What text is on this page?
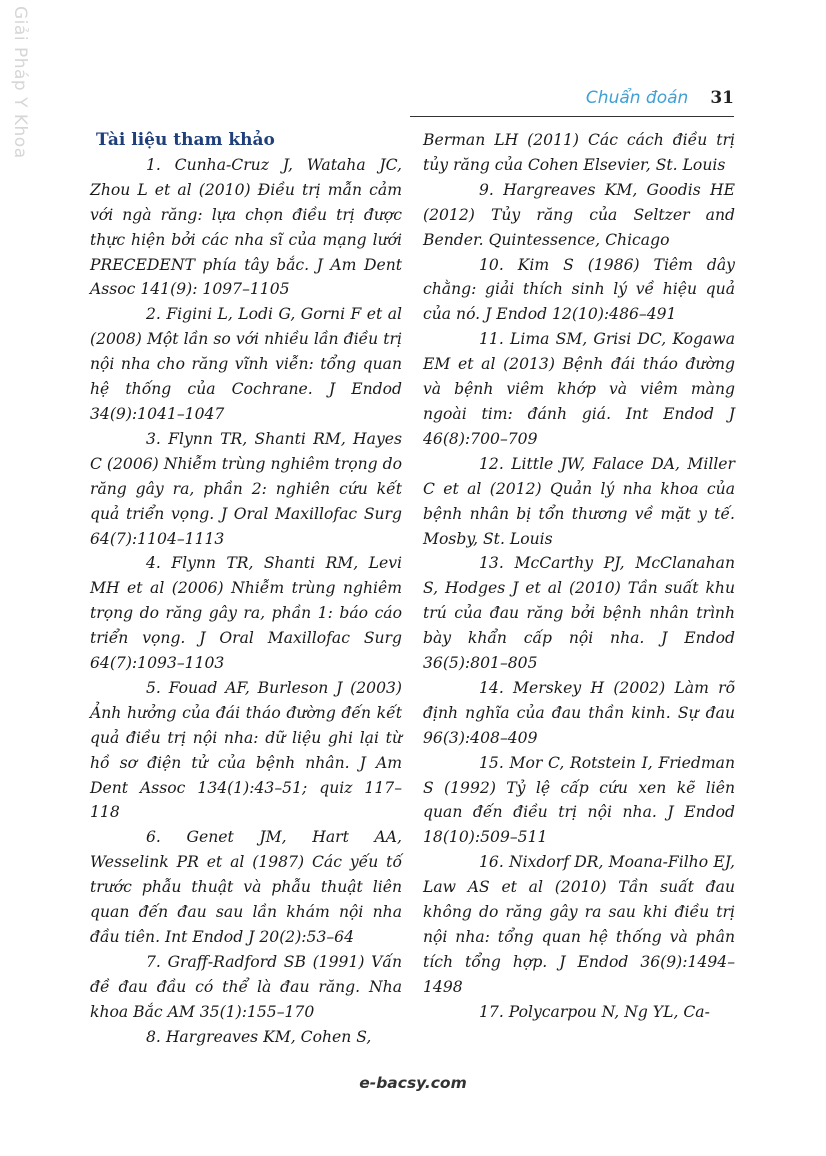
Giải Pháp Y Khoa	Chuẩn đoán 31
Tài liệu tham khảo

1. Cunha-Cruz J, Wataha JC, Zhou L et al (2010) Điều trị mẫn cảm với ngà răng: lựa chọn điều trị được thực hiện bởi các nha sĩ của mạng lưới PRECEDENT phía tây bắc. J Am Dent Assoc 141(9): 1097–1105

2. Figini L, Lodi G, Gorni F et al (2008) Một lần so với nhiều lần điều trị nội nha cho răng vĩnh viễn: tổng quan hệ thống của Cochrane. J Endod 34(9):1041–1047

3. Flynn TR, Shanti RM, Hayes C (2006) Nhiễm trùng nghiêm trọng do răng gây ra, phần 2: nghiên cứu kết quả triển vọng. J Oral Maxillofac Surg 64(7):1104–1113

4. Flynn TR, Shanti RM, Levi MH et al (2006) Nhiễm trùng nghiêm trọng do răng gây ra, phần 1: báo cáo triển vọng. J Oral Maxillofac Surg 64(7):1093–1103

5. Fouad AF, Burleson J (2003) Ảnh hưởng của đái tháo đường đến kết quả điều trị nội nha: dữ liệu ghi lại từ hồ sơ điện tử của bệnh nhân. J Am Dent Assoc 134(1):43–51; quiz 117–118

6. Genet JM, Hart AA, Wesselink PR et al (1987) Các yếu tố trước phẫu thuật và phẫu thuật liên quan đến đau sau lần khám nội nha đầu tiên. Int Endod J 20(2):53–64

7. Graff-Radford SB (1991) Vấn đề đau đầu có thể là đau răng. Nha khoa Bắc AM 35(1):155–170

8. Hargreaves KM, Cohen S,

Berman LH (2011) Các cách điều trị tủy răng của Cohen Elsevier, St. Louis

9. Hargreaves KM, Goodis HE (2012) Tủy răng của Seltzer and Bender. Quintessence, Chicago

10. Kim S (1986) Tiêm dây chằng: giải thích sinh lý về hiệu quả của nó. J Endod 12(10):486–491

11. Lima SM, Grisi DC, Kogawa EM et al (2013) Bệnh đái tháo đường và bệnh viêm khớp và viêm màng ngoài tim: đánh giá. Int Endod J 46(8):700–709

12. Little JW, Falace DA, Miller C et al (2012) Quản lý nha khoa của bệnh nhân bị tổn thương về mặt y tế. Mosby, St. Louis

13. McCarthy PJ, McClanahan S, Hodges J et al (2010) Tần suất khu trú của đau răng bởi bệnh nhân trình bày khẩn cấp nội nha. J Endod 36(5):801–805

14. Merskey H (2002) Làm rõ định nghĩa của đau thần kinh. Sự đau 96(3):408–409

15. Mor C, Rotstein I, Friedman S (1992) Tỷ lệ cấp cứu xen kẽ liên quan đến điều trị nội nha. J Endod 18(10):509–511

16. Nixdorf DR, Moana-Filho EJ, Law AS et al (2010) Tần suất đau không do răng gây ra sau khi điều trị nội nha: tổng quan hệ thống và phân tích tổng hợp. J Endod 36(9):1494–1498

17. Polycarpou N, Ng YL, Ca-

e-bacsy.com
